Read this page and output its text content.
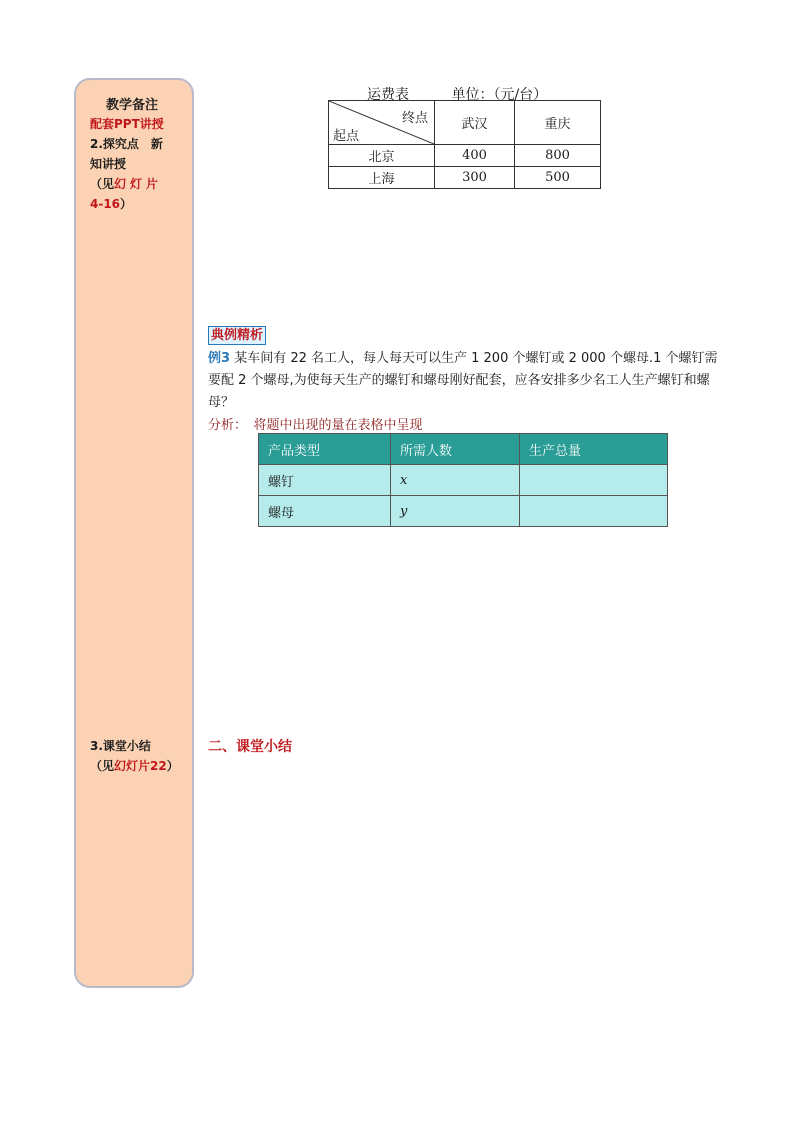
教学备注
配套PPT讲授
2.探究点　新
知讲授
（见幻灯片
4-16）
3.课堂小结
（见幻灯片22）
运费表	单位：（元/台）
终点
起点	武汉	重庆
北京	400	800
上海	300	500
典例精析
例3 某车间有 22 名工人，每人每天可以生产 1 200 个螺钉或 2 000 个螺母.1 个螺钉需要配 2 个螺母,为使每天生产的螺钉和螺母刚好配套，应各安排多少名工人生产螺钉和螺母？
分析：　将题中出现的量在表格中呈现
产品类型	所需人数	生产总量
螺钉	x	
螺母	y	
二、课堂小结
